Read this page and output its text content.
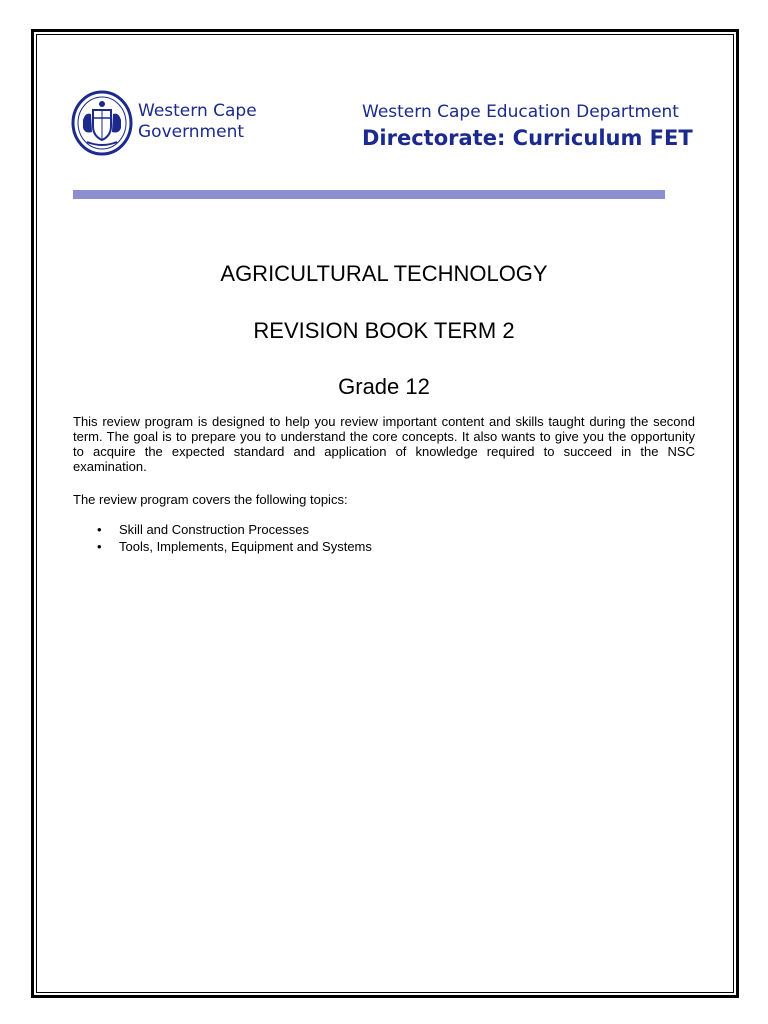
Western Cape
Government
Western Cape Education Department
Directorate: Curriculum FET
AGRICULTURAL TECHNOLOGY
REVISION BOOK TERM 2
Grade 12

This review program is designed to help you review important content and skills taught during the second term. The goal is to prepare you to understand the core concepts. It also wants to give you the opportunity to acquire the expected standard and application of knowledge required to succeed in the NSC examination.

The review program covers the following topics:

• Skill and Construction Processes
• Tools, Implements, Equipment and Systems
